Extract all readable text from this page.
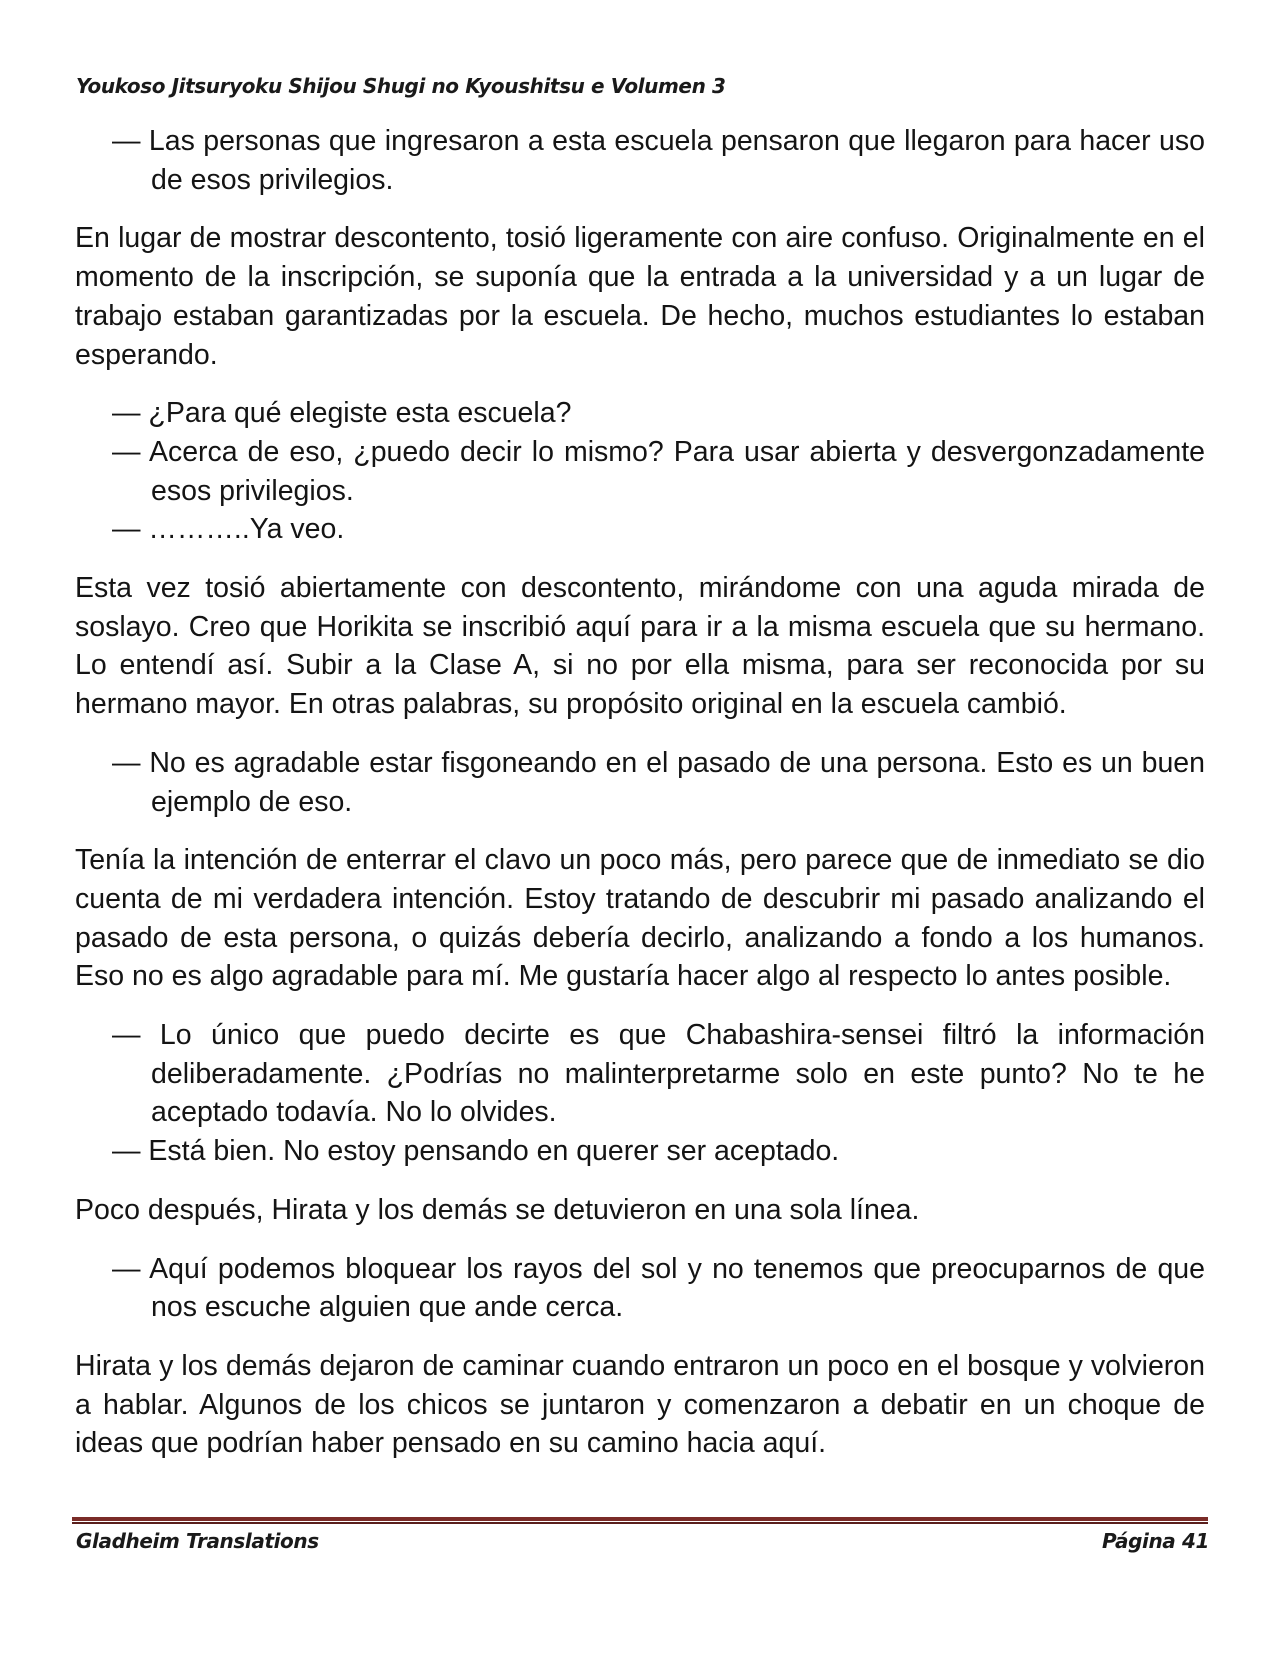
Youkoso Jitsuryoku Shijou Shugi no Kyoushitsu e Volumen 3

— Las personas que ingresaron a esta escuela pensaron que llegaron para hacer uso de esos privilegios.

En lugar de mostrar descontento, tosió ligeramente con aire confuso. Originalmente en el momento de la inscripción, se suponía que la entrada a la universidad y a un lugar de trabajo estaban garantizadas por la escuela. De hecho, muchos estudiantes lo estaban esperando.

— ¿Para qué elegiste esta escuela?

— Acerca de eso, ¿puedo decir lo mismo? Para usar abierta y desvergonzadamente esos privilegios.

— ………..Ya veo.

Esta vez tosió abiertamente con descontento, mirándome con una aguda mirada de soslayo. Creo que Horikita se inscribió aquí para ir a la misma escuela que su hermano. Lo entendí así. Subir a la Clase A, si no por ella misma, para ser reconocida por su hermano mayor. En otras palabras, su propósito original en la escuela cambió.

— No es agradable estar fisgoneando en el pasado de una persona. Esto es un buen ejemplo de eso.

Tenía la intención de enterrar el clavo un poco más, pero parece que de inmediato se dio cuenta de mi verdadera intención. Estoy tratando de descubrir mi pasado analizando el pasado de esta persona, o quizás debería decirlo, analizando a fondo a los humanos. Eso no es algo agradable para mí. Me gustaría hacer algo al respecto lo antes posible.

— Lo único que puedo decirte es que Chabashira-sensei filtró la información deliberadamente. ¿Podrías no malinterpretarme solo en este punto? No te he aceptado todavía. No lo olvides.

— Está bien. No estoy pensando en querer ser aceptado.

Poco después, Hirata y los demás se detuvieron en una sola línea.

— Aquí podemos bloquear los rayos del sol y no tenemos que preocuparnos de que nos escuche alguien que ande cerca.

Hirata y los demás dejaron de caminar cuando entraron un poco en el bosque y volvieron a hablar. Algunos de los chicos se juntaron y comenzaron a debatir en un choque de ideas que podrían haber pensado en su camino hacia aquí.

Gladheim Translations	Página 41
